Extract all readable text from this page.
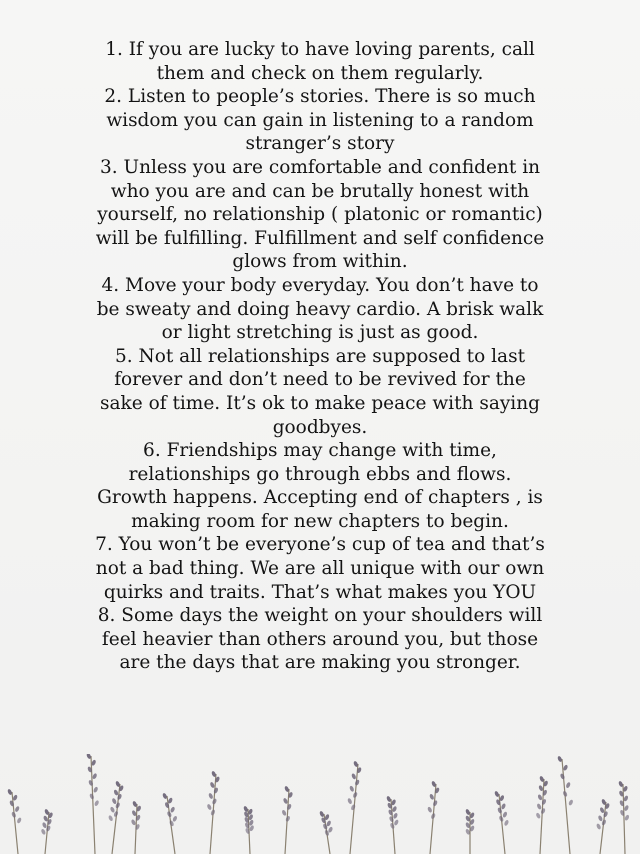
1. If you are lucky to have loving parents, call them and check on them regularly.

2. Listen to people’s stories. There is so much wisdom you can gain in listening to a random stranger’s story

3. Unless you are comfortable and confident in who you are and can be brutally honest with yourself, no relationship ( platonic or romantic) will be fulfilling. Fulfillment and self confidence glows from within.

4. Move your body everyday. You don’t have to be sweaty and doing heavy cardio. A brisk walk or light stretching is just as good.

5. Not all relationships are supposed to last forever and don’t need to be revived for the sake of time. It’s ok to make peace with saying goodbyes.

6. Friendships may change with time, relationships go through ebbs and flows. Growth happens. Accepting end of chapters , is making room for new chapters to begin.

7. You won’t be everyone’s cup of tea and that’s not a bad thing. We are all unique with our own quirks and traits. That’s what makes you YOU

8. Some days the weight on your shoulders will feel heavier than others around you, but those are the days that are making you stronger.
